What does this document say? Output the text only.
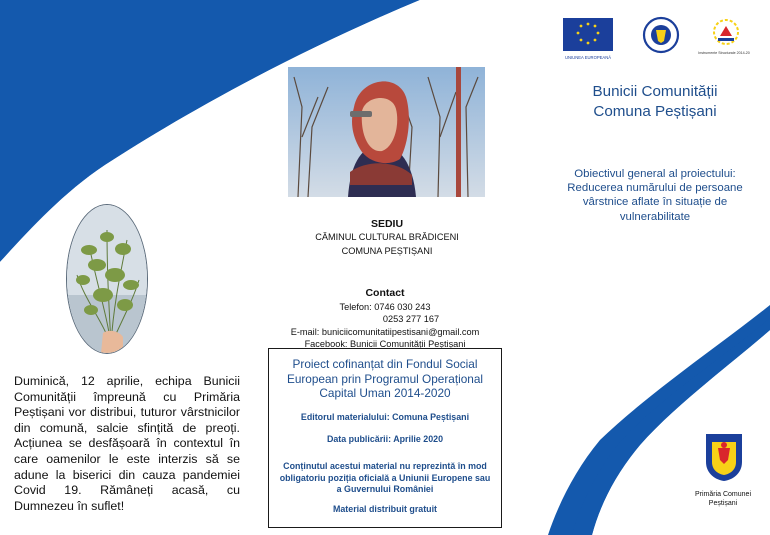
Duminică, 12 aprilie, echipa Bunicii Comunității împreună cu Primăria Peștișani vor distribui, tuturor vârstnicilor din comună, salcie sfințită de preoți. Acțiunea se desfășoară în contextul în care oamenilor le este interzis să se adune la biserici din cauza pandemiei Covid 19. Rămâneți acasă, cu Dumnezeu în suflet!
SEDIU
CĂMINUL CULTURAL BRĂDICENI
COMUNA PEȘTIȘANI
Contact
Telefon: 0746 030 243
0253 277 167
E-mail: buniciicomunitatiipestisani@gmail.com
Facebook: Bunicii Comunității Peștișani
Proiect cofinanțat din Fondul Social European prin Programul Operațional Capital Uman 2014-2020
Editorul materialului: Comuna Peștișani
Data publicării: Aprilie 2020
Conținutul acestui material nu reprezintă în mod obligatoriu poziția oficială a Uniunii Europene sau a Guvernului României
Material distribuit gratuit
UNIUNEA EUROPEANĂ
Instrumente Structurale 2014-2020
Bunicii Comunității
Comuna Peștișani
Obiectivul general al proiectului: Reducerea numărului de persoane vârstnice aflate în situație de vulnerabilitate
Primăria Comunei Peștișani
